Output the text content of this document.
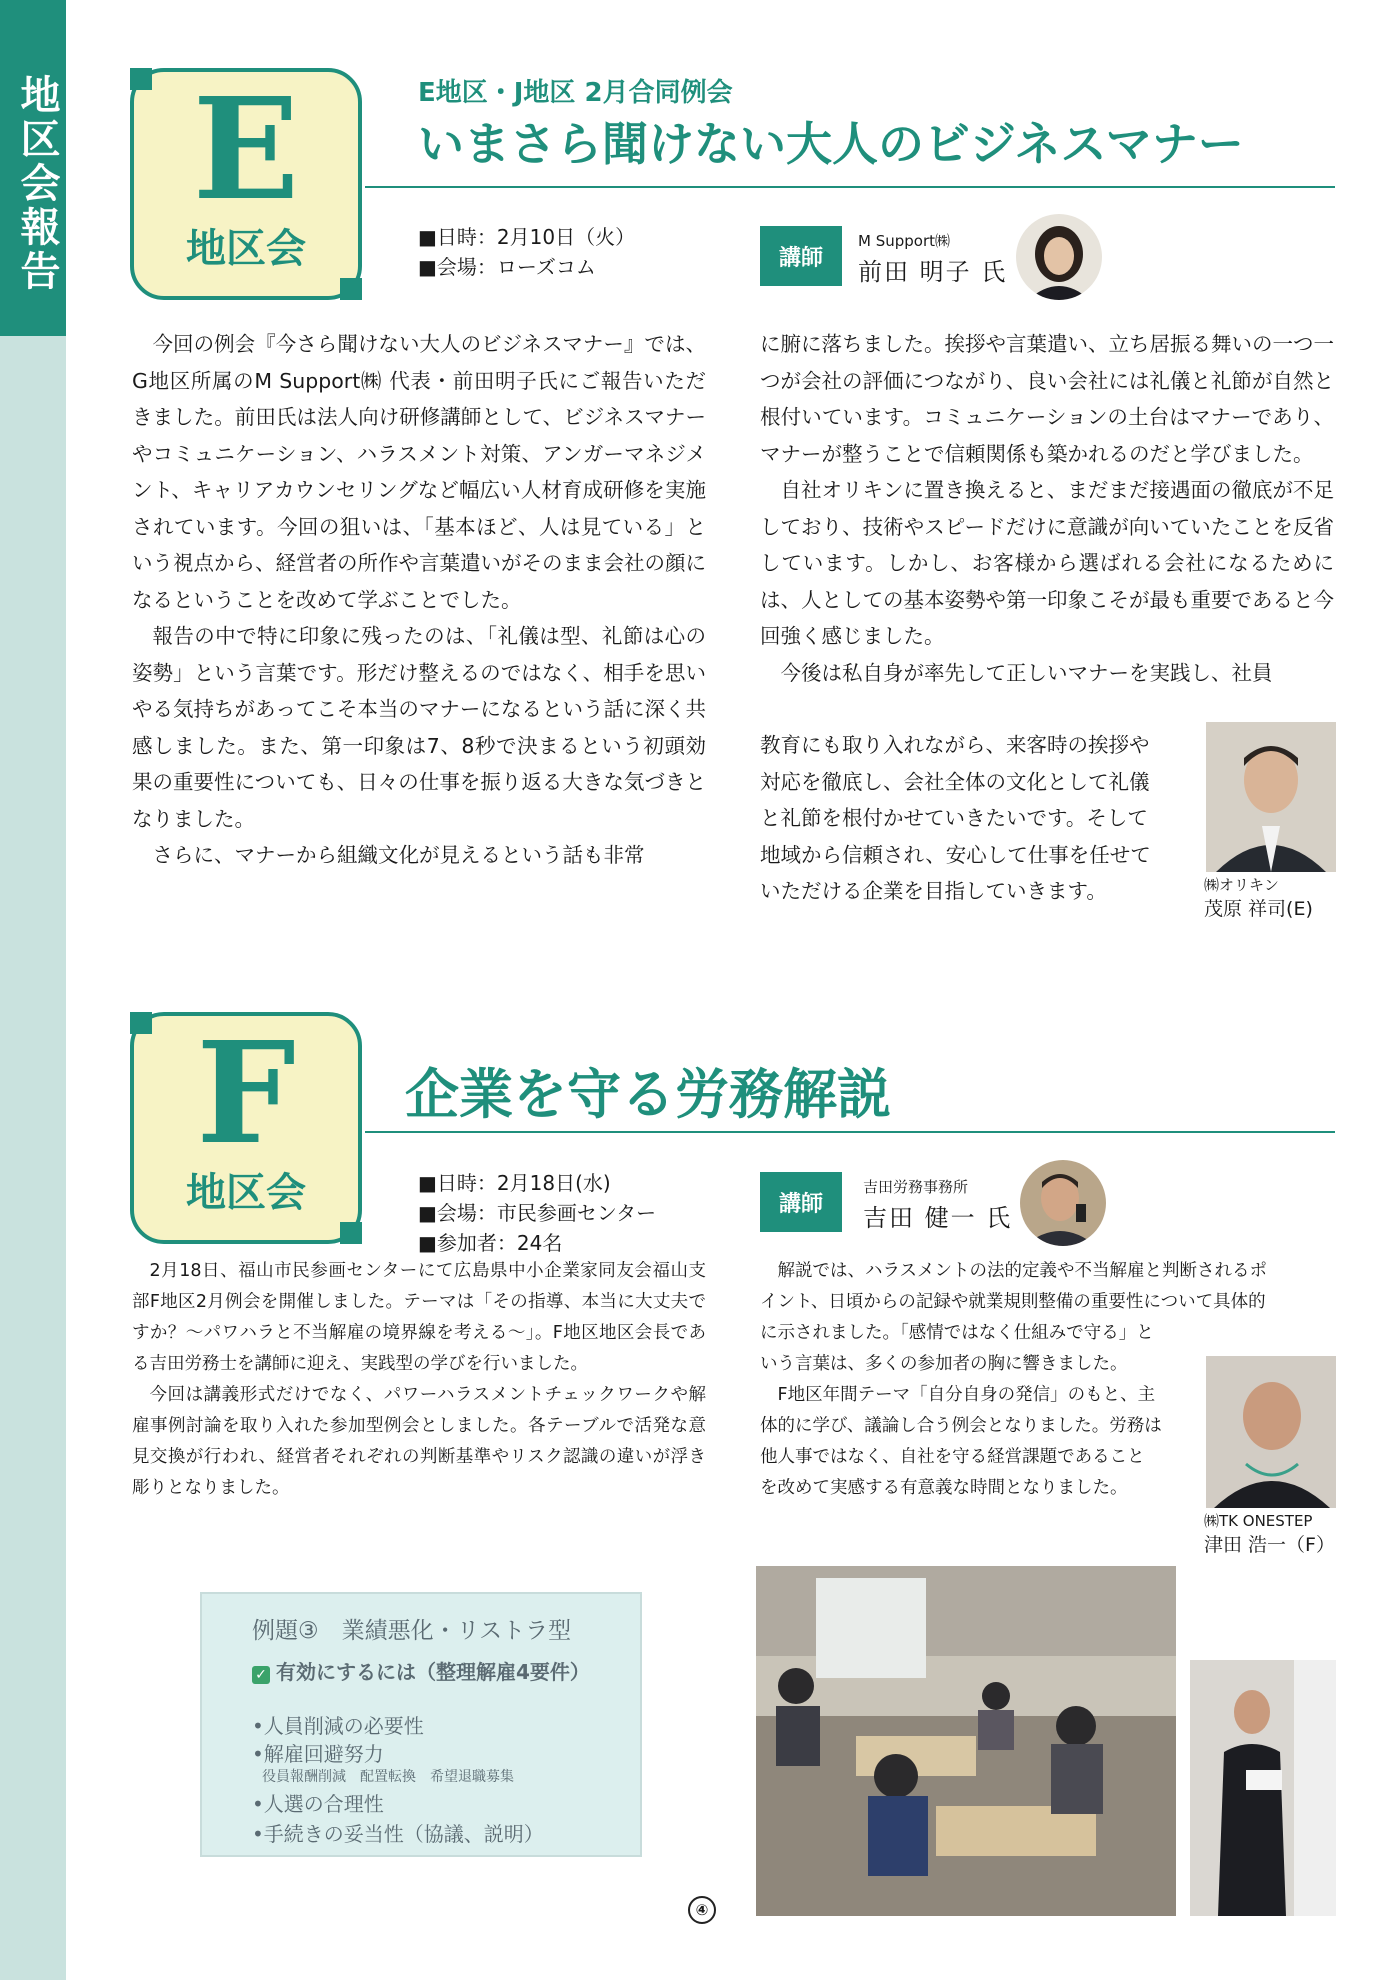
地区会報告 E
地区会
E地区・J地区 2月合同例会
いまさら聞けない大人のビジネスマナー
■日時：2月10日（火）
■会場：ローズコム	講師
M Support㈱
前田 明子 氏

今回の例会『今さら聞けない大人のビジネスマナー』では、G地区所属のM Support㈱ 代表・前田明子氏にご報告いただきました。前田氏は法人向け研修講師として、ビジネスマナーやコミュニケーション、ハラスメント対策、アンガーマネジメント、キャリアカウンセリングなど幅広い人材育成研修を実施されています。今回の狙いは、「基本ほど、人は見ている」という視点から、経営者の所作や言葉遣いがそのまま会社の顔になるということを改めて学ぶことでした。

報告の中で特に印象に残ったのは、「礼儀は型、礼節は心の姿勢」という言葉です。形だけ整えるのではなく、相手を思いやる気持ちがあってこそ本当のマナーになるという話に深く共感しました。また、第一印象は7、8秒で決まるという初頭効果の重要性についても、日々の仕事を振り返る大きな気づきとなりました。

さらに、マナーから組織文化が見えるという話も非常

に腑に落ちました。挨拶や言葉遣い、立ち居振る舞いの一つ一つが会社の評価につながり、良い会社には礼儀と礼節が自然と根付いています。コミュニケーションの土台はマナーであり、マナーが整うことで信頼関係も築かれるのだと学びました。

自社オリキンに置き換えると、まだまだ接遇面の徹底が不足しており、技術やスピードだけに意識が向いていたことを反省しています。しかし、お客様から選ばれる会社になるためには、人としての基本姿勢や第一印象こそが最も重要であると今回強く感じました。

今後は私自身が率先して正しいマナーを実践し、社員

教育にも取り入れながら、来客時の挨拶や
対応を徹底し、会社全体の文化として礼儀
と礼節を根付かせていきたいです。そして
地域から信頼され、安心して仕事を任せて
いただける企業を目指していきます。	㈱オリキン
茂原 祥司(E)
F
地区会
企業を守る労務解説
■日時：2月18日(水)
■会場：市民参画センター
■参加者：24名
講師
吉田労務事務所
吉田 健一 氏

2月18日、福山市民参画センターにて広島県中小企業家同友会福山支部F地区2月例会を開催しました。テーマは「その指導、本当に大丈夫ですか？～パワハラと不当解雇の境界線を考える～」。F地区地区会長である吉田労務士を講師に迎え、実践型の学びを行いました。

今回は講義形式だけでなく、パワーハラスメントチェックワークや解雇事例討論を取り入れた参加型例会としました。各テーブルで活発な意見交換が行われ、経営者それぞれの判断基準やリスク認識の違いが浮き彫りとなりました。

解説では、ハラスメントの法的定義や不当解雇と判断されるポ
イント、日頃からの記録や就業規則整備の重要性について具体的
に示されました。「感情ではなく仕組みで守る」と
いう言葉は、多くの参加者の胸に響きました。
F地区年間テーマ「自分自身の発信」のもと、主
体的に学び、議論し合う例会となりました。労務は
他人事ではなく、自社を守る経営課題であること
を改めて実感する有意義な時間となりました。
㈱TK ONESTEP
津田 浩一（F）
例題③　業績悪化・リストラ型
✓ 有効にするには（整理解雇4要件）
•人員削減の必要性
•解雇回避努力
役員報酬削減　配置転換　希望退職募集
•人選の合理性
•手続きの妥当性（協議、説明）
④
